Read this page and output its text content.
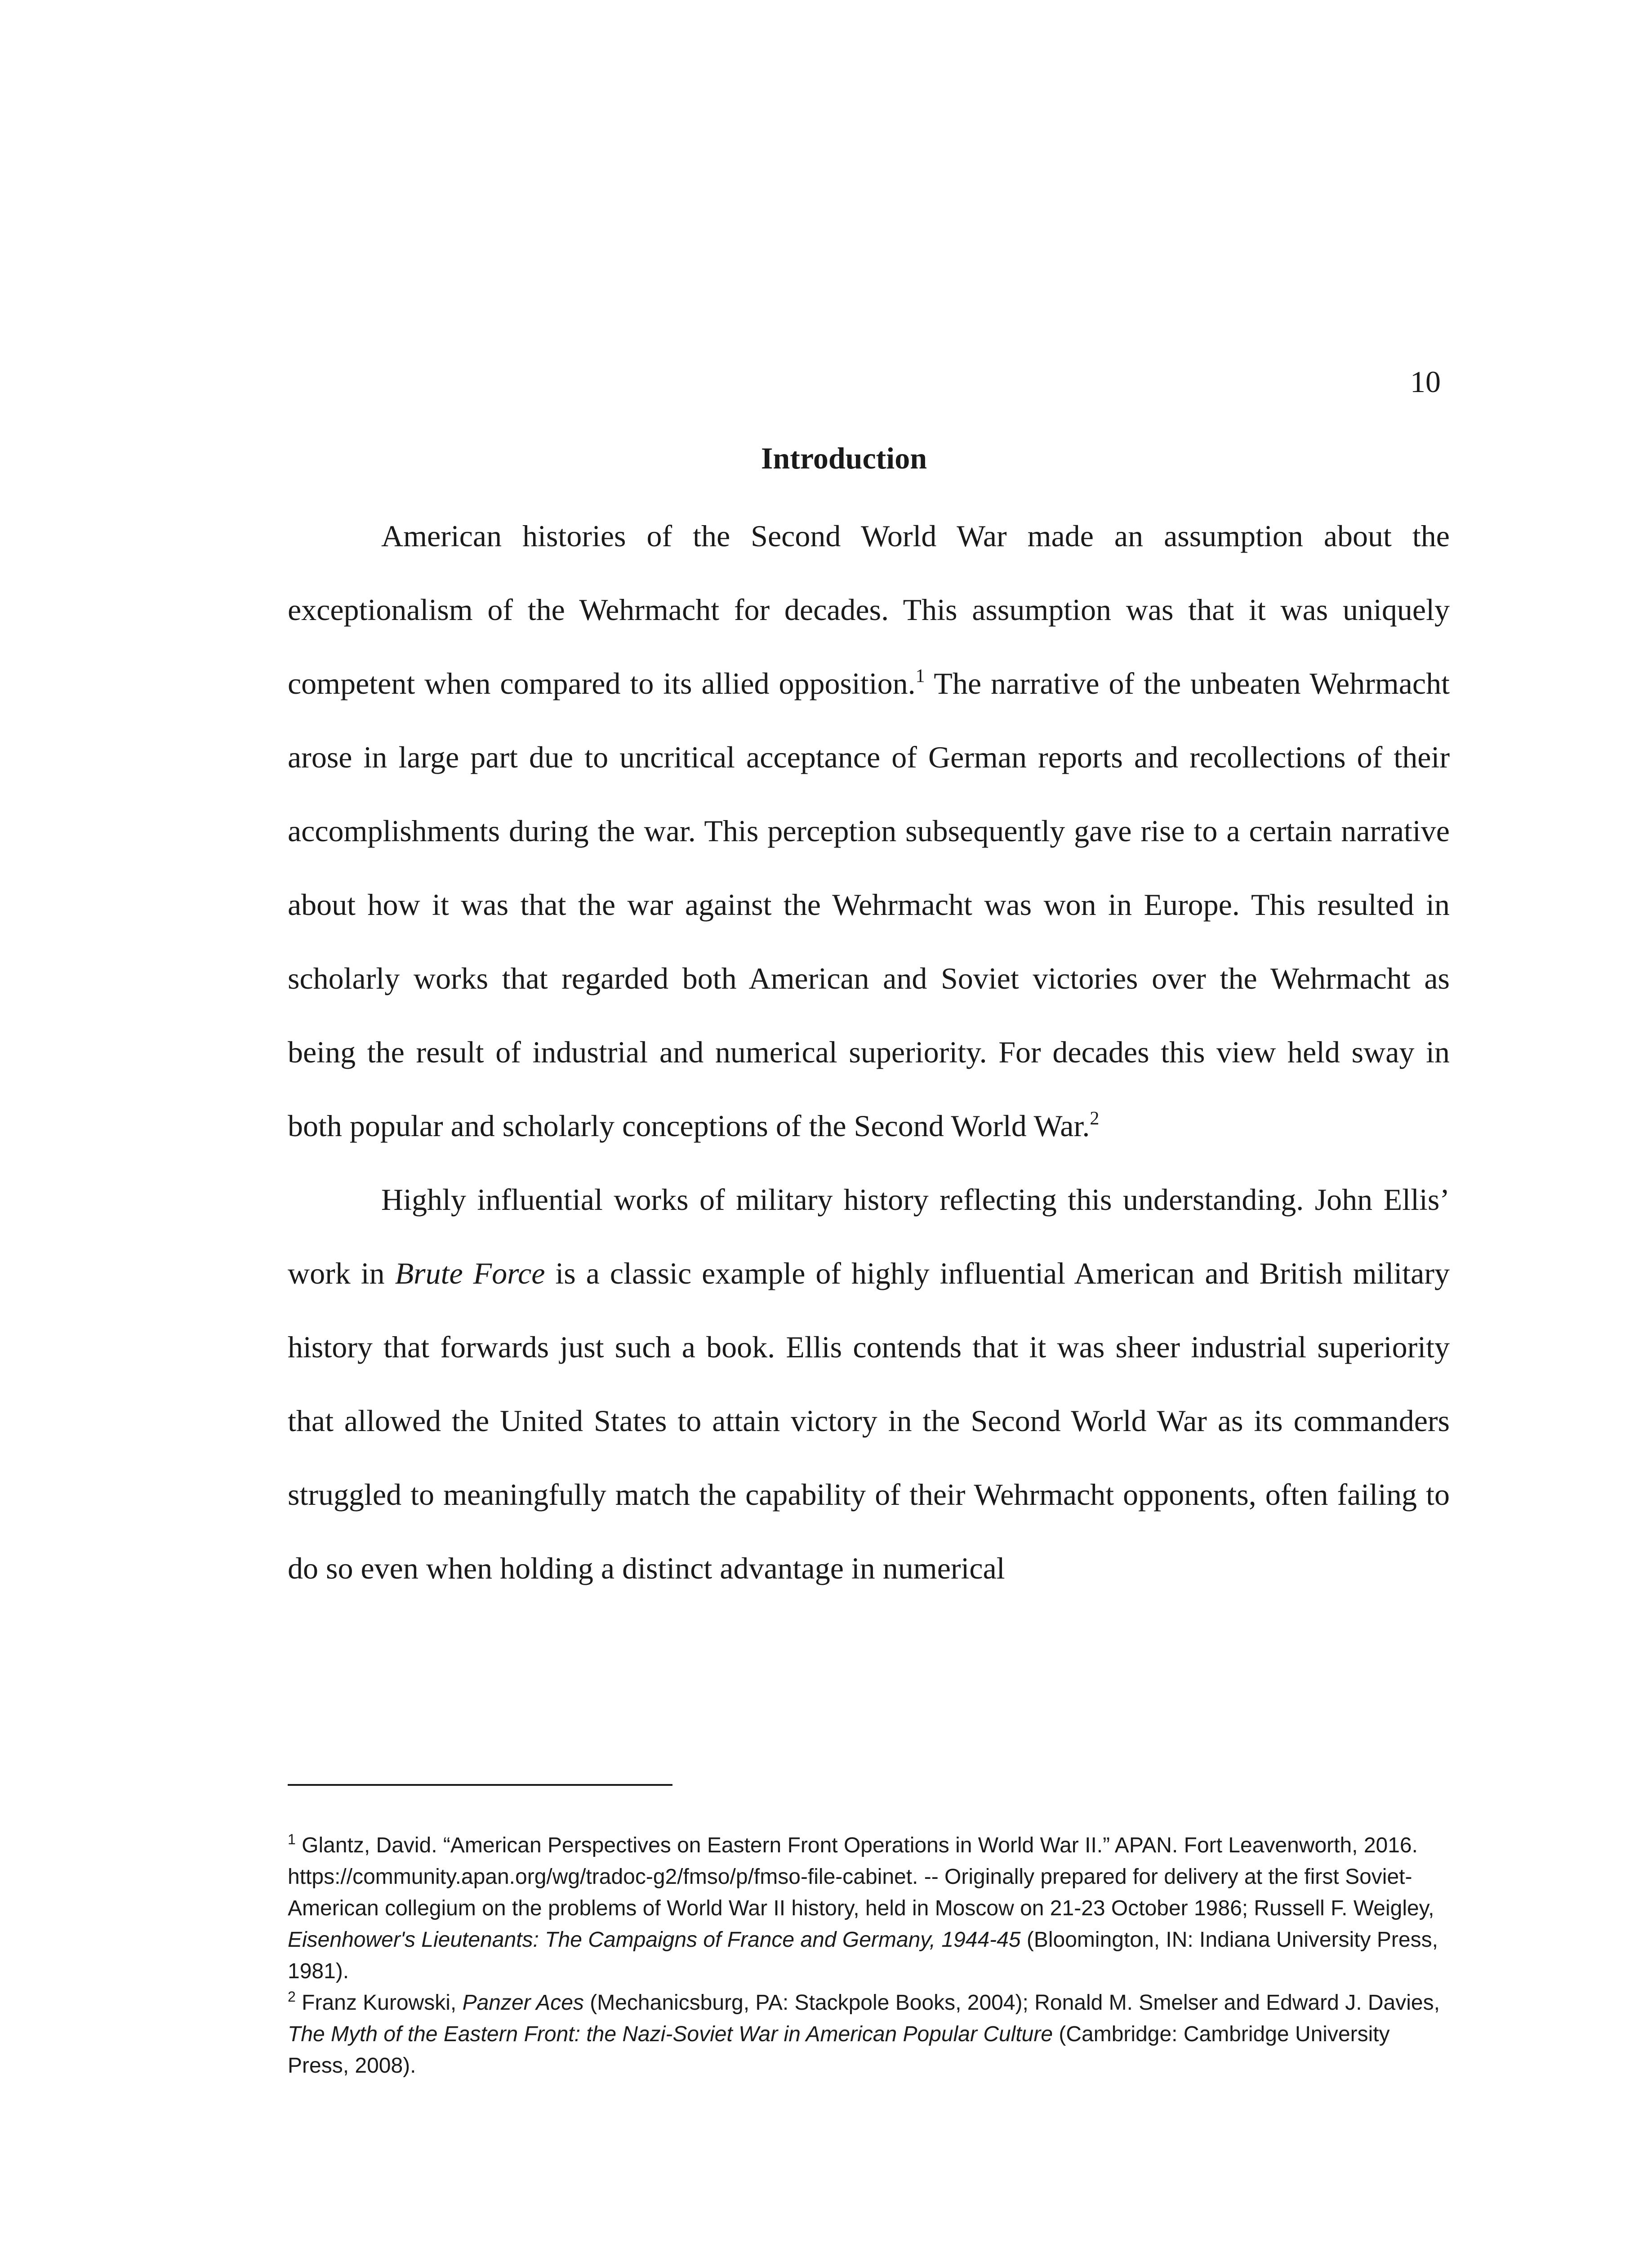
10
Introduction

American histories of the Second World War made an assumption about the exceptionalism of the Wehrmacht for decades. This assumption was that it was uniquely competent when compared to its allied opposition.$^1$ The narrative of the unbeaten Wehrmacht arose in large part due to uncritical acceptance of German reports and recollections of their accomplishments during the war. This perception subsequently gave rise to a certain narrative about how it was that the war against the Wehrmacht was won in Europe. This resulted in scholarly works that regarded both American and Soviet victories over the Wehrmacht as being the result of industrial and numerical superiority. For decades this view held sway in both popular and scholarly conceptions of the Second World War.$^2$

Highly influential works of military history reflecting this understanding. John Ellis’ work in Brute Force is a classic example of highly influential American and British military history that forwards just such a book. Ellis contends that it was sheer industrial superiority that allowed the United States to attain victory in the Second World War as its commanders struggled to meaningfully match the capability of their Wehrmacht opponents, often failing to do so even when holding a distinct advantage in numerical

$^1$ Glantz, David. “American Perspectives on Eastern Front Operations in World War II.” APAN. Fort Leavenworth, 2016. https://community.apan.org/wg/tradoc-g2/fmso/p/fmso-file-cabinet. -- Originally prepared for delivery at the first Soviet-American collegium on the problems of World War II history, held in Moscow on 21-23 October 1986; Russell F. Weigley, Eisenhower's Lieutenants: The Campaigns of France and Germany, 1944-45 (Bloomington, IN: Indiana University Press, 1981).

$^2$ Franz Kurowski, Panzer Aces (Mechanicsburg, PA: Stackpole Books, 2004); Ronald M. Smelser and Edward J. Davies, The Myth of the Eastern Front: the Nazi-Soviet War in American Popular Culture (Cambridge: Cambridge University Press, 2008).
